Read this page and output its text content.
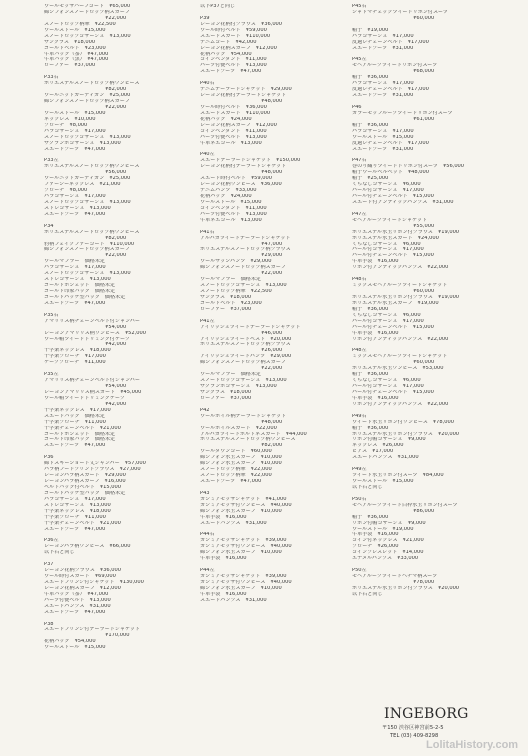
ウールモッサハーフコート　¥65,000
綿シフォンスノードロップ柄スカーフ
　　　　　　　　　　　　¥22,000
スノードロップ柄傘　¥22,500
ウールストール　¥15,000
スノードロップコサージュ　¥13,000
サングラス　¥18,000
ゴールドベルト　¥23,000
牛革バッグ（茶）　¥47,000
牛革バッグ（黒）　¥47,000
ローファー　¥37,000
P33右
ポリエステルスノードロップ柄ワンピース
　　　　　　　　　　　　¥82,000
ウールニットカーディガン　¥25,000
綿シフォンスノードロップ柄スカーフ
　　　　　　　　　　　　¥22,000
ウールストール　¥15,000
ネックレス　¥10,000
ブローチ　¥8,000
パラコサージュ　¥17,000
スノードロップコサージュ　¥13,000
サクランボコサージュ　¥13,000
スエードブーツ　¥47,000
P33左
ポリエステルスノードロップ柄ワンピース
　　　　　　　　　　　　¥56,000
ウールニットカーディガン　¥25,000
ファーシーネックレス　¥21,000
ブローチ　¥8,000
パラコサージュ　¥17,000
スノードロップコサージュ　¥13,000
ストレコサージュ　¥13,000
スエードブーツ　¥47,000
P34
ポリエステルスノードロップ柄ワンピース
　　　　　　　　　　　　¥82,000
豹柄フェイクファーコート　¥110,000
綿シフォンスノードロップ柄スカーフ
　　　　　　　　　　　　¥22,000
ウールマフラー　価格未定
パラコサージュ　¥17,000
スノードロップコサージュ　¥13,000
ストレコサージュ　¥13,000
ゴールドボシェット　価格未定
ゴールド印象バッグ　価格未定
ゴールドパッケ型バッグ　価格未定
スエードブーツ　¥47,000
P35右
アマリリス柄チェーンベルト付ジャンパー
　　　　　　　　　　　　¥54,000
レーヨンアマリリス柄ワンピース　¥52,000
ウール帽ツイードトリミング付ケープ
　　　　　　　　　　　　¥42,000
十字架ネックレス　¥18,000
十字架ブローチ　¥17,000
ケープブローチ　¥11,000
P35左
アマリリス柄チェーンベルト付ジャンパー
　　　　　　　　　　　　¥54,000
レーヨンアマリリス柄スカート　¥45,000
ウール帽ツイードトリミングケープ
　　　　　　　　　　　　¥42,000
十字架ネックレス　¥17,000
スエードバッグ　価格未定
十字架ブローチ　¥11,000
十字架チェーンベルト　¥21,000
ゴールドポシェット　価格未定
ゴールド印象バッグ　価格未定
スエードブーツ　¥47,000
P36
綿ドスキーショート丈ジャンパー　¥57,000
パラ柄フードプリントブラウス　¥27,000
レーヨンパラ柄スカート　¥29,000
レーヨンパラ柄スカーフ　¥16,000
ベルトバッグ付ベルト　¥15,000
ゴールドパッケ型バッグ　価格未定
パラコサージュ　¥17,000
ストレコサージュ　¥13,000
十字架ネックレス　¥18,000
十字架ブローチ　¥11,000
十字架チェーンベルト　¥21,000
スエードブーツ　¥47,000
P36左
レーヨンパラ柄ワンピース　¥66,000
以下右と同じ
P37
レーヨン花柄ブラウス　¥36,000
ウール時付スカート　¥69,000
スエードフリンジ付ジャケット　¥130,000
レーヨン花柄スカーフ　¥12,000
牛革バッグ（茶）　¥47,000
パーツ付使ベルト　¥13,000
スエードパンプス　¥31,000
スエードブーツ　¥47,000
P38
スエードフリンジ付テーラードジャケット
　　　　　　　　　　　　¥170,000
花柄バッグ　¥54,000
ウールストール　¥15,000
以下P37と同じ
P39
レーヨン花柄付ブラウス　¥36,000
ウール時付ベルト　¥59,000
スエードスカート　¥110,000
デニムコート　¥42,000
レーヨン花柄スカーフ　¥12,000
花柄パッグ　¥54,000
コインペンダント　¥11,000
パーツ付使ベルト　¥13,000
スエードブーツ　¥47,000
P40右
デニムテーラードジャケット　¥29,000
レーヨン花柄付テーラードジャケット
　　　　　　　　　　　　¥48,000
ウール時付ベルト　¥36,000
スエードスカート　¥110,000
花柄バッグ　¥24,000
レーヨン花柄スカーフ　¥12,000
コインペンダント　¥11,000
パーツ付使ベルト　¥13,000
牛革ネエコール　¥13,000
P40左
スエードテーラードジャケット　¥150,000
レーヨン花柄付テーラードジャケット
　　　　　　　　　　　　¥48,000
スエード時付ベルト　¥59,000
レーヨン花柄ワンピース　¥36,000
デニムパンツ　¥33,000
花柄パッグ　¥24,000
ウールストール　¥15,000
コインペンダント　¥11,000
パーツ付使ベルト　¥13,000
牛革ネエコール　¥13,000
P41右
アルパカツイードテーラードジャケット
　　　　　　　　　　　　¥47,000
ポリエステルスノードロップ柄ブラウス
　　　　　　　　　　　　¥29,000
ウールサッシパンツ　¥29,000
綿シフォンスノードロップ柄スカーフ
　　　　　　　　　　　　¥22,000
ウールマフラー　価格未定
スノードロップコサージュ　¥13,000
スノードロップ柄傘　¥22,500
サングラス　¥18,000
ゴールドベルト　¥23,000
ローファー　¥37,000
P41左
アイリッシュツイードテーラードジャケット
　　　　　　　　　　　　¥46,000
アイリッシュツイードベスト　¥20,000
ポリエステルスノードロップ柄ブラウス
　　　　　　　　　　　　¥26,000
アイリッシュツイードパンツ　¥29,000
綿シフォンスノードロップ柄スカーフ
　　　　　　　　　　　　¥22,000
ウールマフラー　価格未定
スノードロップコサージュ　¥13,000
サクランボコサージュ　¥13,000
サングラス　¥18,000
ローファー　¥37,000
P42
ウールボイル柄テーラードジャケット
　　　　　　　　　　　　¥48,000
ウールボイルスカート　¥22,000
アルパカツイードホルトネスカート　¥44,000
ポリエステルスノードロップ柄ワンピース
　　　　　　　　　　　　¥82,000
ウールダウンコート　¥60,000
綿シフォン水玉スカーフ　¥10,000
綿シフォン水玉スカーフ　¥10,000
スノードロップ柄傘　¥22,000
スノードロップ柄傘　¥22,000
スエードブーツ　¥47,000
P43
カシミアモッサジャケット　¥41,000
カシミアモッサ付ワンピース　¥40,000
綿シフォン水玉スカーフ　¥10,000
牛革手袋　¥16,000
スエードバンプス　¥31,000
P44右
カシミアモッサジャケット　¥39,000
カシミアモッサ付ワンピース　¥40,000
綿シフォン水玉スカーフ　¥10,000
牛革手袋　¥16,000
P44左
カシミアモッサジャケット　¥39,000
カシミアモッサ付ワンピース　¥40,000
綿シフォン水玉スカーフ　¥10,000
牛革手袋　¥16,000
スエードパンプス　¥31,000
P45右
シャドマチェックツイードリボン付スーツ
　　　　　　　　　　　　¥60,000
帽子　¥19,000
パラコサージュ　¥17,000
皮過レチェーンベルト　¥17,000
スエードブーツ　¥31,000
P45左
モヘアループツイードリボン付スーツ
　　　　　　　　　　　　¥68,000
帽子　¥36,000
パラコサージュ　¥17,000
皮過レチェーンベルト　¥17,000
スエードブーツ　¥31,000
P46
カラーモッフループツイードリボン付スーツ
　　　　　　　　　　　　¥61,000
帽子　¥36,000
パラコサージュ　¥17,000
ウールストール　¥15,000
皮過レチェーンベルト　¥17,000
スエードブーツ　¥31,000
P47右
巻のり織りツイードドリボン付スーツ　¥56,000
帽子ウールベルベット　¥48,000
帽子　¥25,000
くちなしコサージュ　¥6,000
パール付コサージュ　¥17,000
パール付チェーンベルト　¥15,000
スエード付アンティックパンプス　¥31,000
P47左
モヘアループツイードジャケット
　　　　　　　　　　　　¥55,000
ポリエステル水玉リボン付ブラウス　¥19,000
ポリエステル水玉スカート　¥24,000
くちなしコサージュ　¥6,000
パール付コサージュ　¥17,000
パール付チェーンベルト　¥15,000
牛革手袋　¥16,000
リボン付アンティックパンプス　¥22,000
P48右
ミックスモヘアループツイードジャケット
　　　　　　　　　　　　¥60,000
ポリエステル水玉リボン付ブラウス　¥19,000
ポリエステル水玉スカーフ　¥19,000
帽子　¥36,000
くちなしコサージュ　¥6,000
パール付コサージュ　¥17,000
パール付チェーンベルト　¥15,000
牛革手袋　¥16,000
リボン付アンティックパンプス　¥22,000
P48左
ミックスモヘアループツイードジャケット
　　　　　　　　　　　　¥60,000
ポリエステル水玉ワンピース　¥53,000
帽子　¥36,000
くちなしコサージュ　¥6,000
パール付コサージュ　¥17,000
パール付チェーンベルト　¥15,000
牛革手袋　¥16,000
リボン付アンティックパンプス　¥22,000
P49右
ウイード水玉リボン付ワンピース　¥78,000
帽子　¥36,000
ポリエステル水玉リボン付ブラウス　¥20,000
リボン付帽コサージュ　¥9,000
ネックレス　¥26,000
ピアス　¥17,000
スエードパンプス　¥31,000
P49左
ツイード水玉リボン付スーツ　¥84,000
ウールストール　¥15,000
以下右と同じ
P50右
モヘアループツイード白枠水玉リボン付スーツ
　　　　　　　　　　　　¥86,000
帽子　¥36,000
リボン付帽コサージュ　¥9,000
ウールストール　¥19,000
牛革手袋　¥16,000
コイン付ネックレス　¥21,000
ブローチ　¥26,000
コインブレスレット　¥14,000
エナメルパンプス　¥33,000
P50左
モヘアループツイードへチマ柄スーツ
　　　　　　　　　　　　¥78,000
ポリエステル水玉リボン付ブラウス　¥20,000
以下右と同じ
INGEBORG
〒150 渋谷区神宮前5-2-5
TEL (03) 409-8298
LolitaHistory.com
